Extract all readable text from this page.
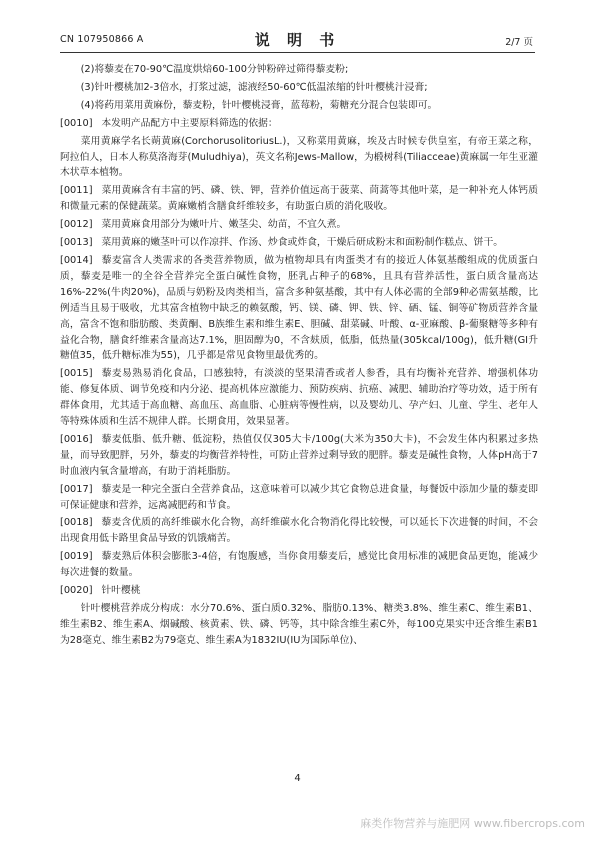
CN 107950866 A	说 明 书	2/7 页

(2)将藜麦在70-90℃温度烘焙60-100分钟粉碎过筛得藜麦粉;

(3)针叶樱桃加2-3倍水，打浆过滤，滤液经50-60℃低温浓缩的针叶樱桃汁浸膏;

(4)将药用菜用黄麻份，藜麦粉，针叶樱桃浸膏，蓝莓粉，菊糖充分混合包装即可。

[0010] 本发明产品配方中主要原料筛选的依据：

菜用黄麻学名长蒴黄麻(CorchorusolitoriusL.)，又称菜用黄麻，埃及古时候专供皇室，有帝王菜之称，阿拉伯人，日本人称莫洛海芽(Muludhiya)，英文名称Jews-Mallow，为椴树科(Tiliacceae)黄麻属一年生亚灌木状草本植物。

[0011] 菜用黄麻含有丰富的钙、磷、铁、钾，营养价值远高于菠菜、茼蒿等其他叶菜，是一种补充人体钙质和微量元素的保健蔬菜。黄麻嫩梢含膳食纤维较多，有助蛋白质的消化吸收。

[0012] 菜用黄麻食用部分为嫩叶片、嫩茎尖、幼苗，不宜久煮。

[0013] 菜用黄麻的嫩茎叶可以作凉拌、作汤、炒食或炸食，干燥后研成粉末和面粉制作糕点、饼干。

[0014] 藜麦富含人类需求的各类营养物质，做为植物却具有肉蛋类才有的接近人体氨基酸组成的优质蛋白质，藜麦是唯一的全谷全营养完全蛋白碱性食物，胚乳占种子的68%，且具有营养活性，蛋白质含量高达16%-22%(牛肉20%)，品质与奶粉及肉类相当，富含多种氨基酸，其中有人体必需的全部9种必需氨基酸，比例适当且易于吸收，尤其富含植物中缺乏的赖氨酸，钙、镁、磷、钾、铁、锌、硒、锰、铜等矿物质营养含量高，富含不饱和脂肪酸、类黄酮、B族维生素和维生素E、胆碱、甜菜碱、叶酸、α-亚麻酸、β-葡聚糖等多种有益化合物，膳食纤维素含量高达7.1%，胆固醇为0，不含麸质，低脂，低热量(305kcal/100g)，低升糖(GI升糖值35，低升糖标准为55)，几乎都是常见食物里最优秀的。

[0015] 藜麦易熟易消化食品，口感独特，有淡淡的坚果清香或者人参香，具有均衡补充营养、增强机体功能、修复体质、调节免疫和内分泌、提高机体应激能力、预防疾病、抗癌、减肥、辅助治疗等功效，适于所有群体食用，尤其适于高血糖、高血压、高血脂、心脏病等慢性病，以及婴幼儿、孕产妇、儿童、学生、老年人等特殊体质和生活不规律人群。长期食用，效果显著。

[0016] 藜麦低脂、低升糖、低淀粉，热值仅仅305大卡/100g(大米为350大卡)，不会发生体内积累过多热量，而导致肥胖，另外，藜麦的均衡营养特性，可防止营养过剩导致的肥胖。藜麦是碱性食物，人体pH高于7时血液内氧含量增高，有助于消耗脂肪。

[0017] 藜麦是一种完全蛋白全营养食品，这意味着可以减少其它食物总进食量，每餐饭中添加少量的藜麦即可保证健康和营养，远离减肥药和节食。

[0018] 藜麦含优质的高纤维碳水化合物，高纤维碳水化合物消化得比较慢，可以延长下次进餐的时间，不会出现食用低卡路里食品导致的饥饿痛苦。

[0019] 藜麦熟后体积会膨胀3-4倍，有饱腹感，当你食用藜麦后，感觉比食用标准的减肥食品更饱，能减少每次进餐的数量。

[0020] 针叶樱桃

针叶樱桃营养成分构成：水分70.6%、蛋白质0.32%、脂肪0.13%、糖类3.8%、维生素C、维生素B1、维生素B2、维生素A、烟碱酸、核黄素、铁、磷、钙等，其中除含维生素C外，每100克果实中还含维生素B1为28毫克、维生素B2为79毫克、维生素A为1832IU(IU为国际单位)、

4
麻类作物营养与施肥网 www.fibercrops.com
